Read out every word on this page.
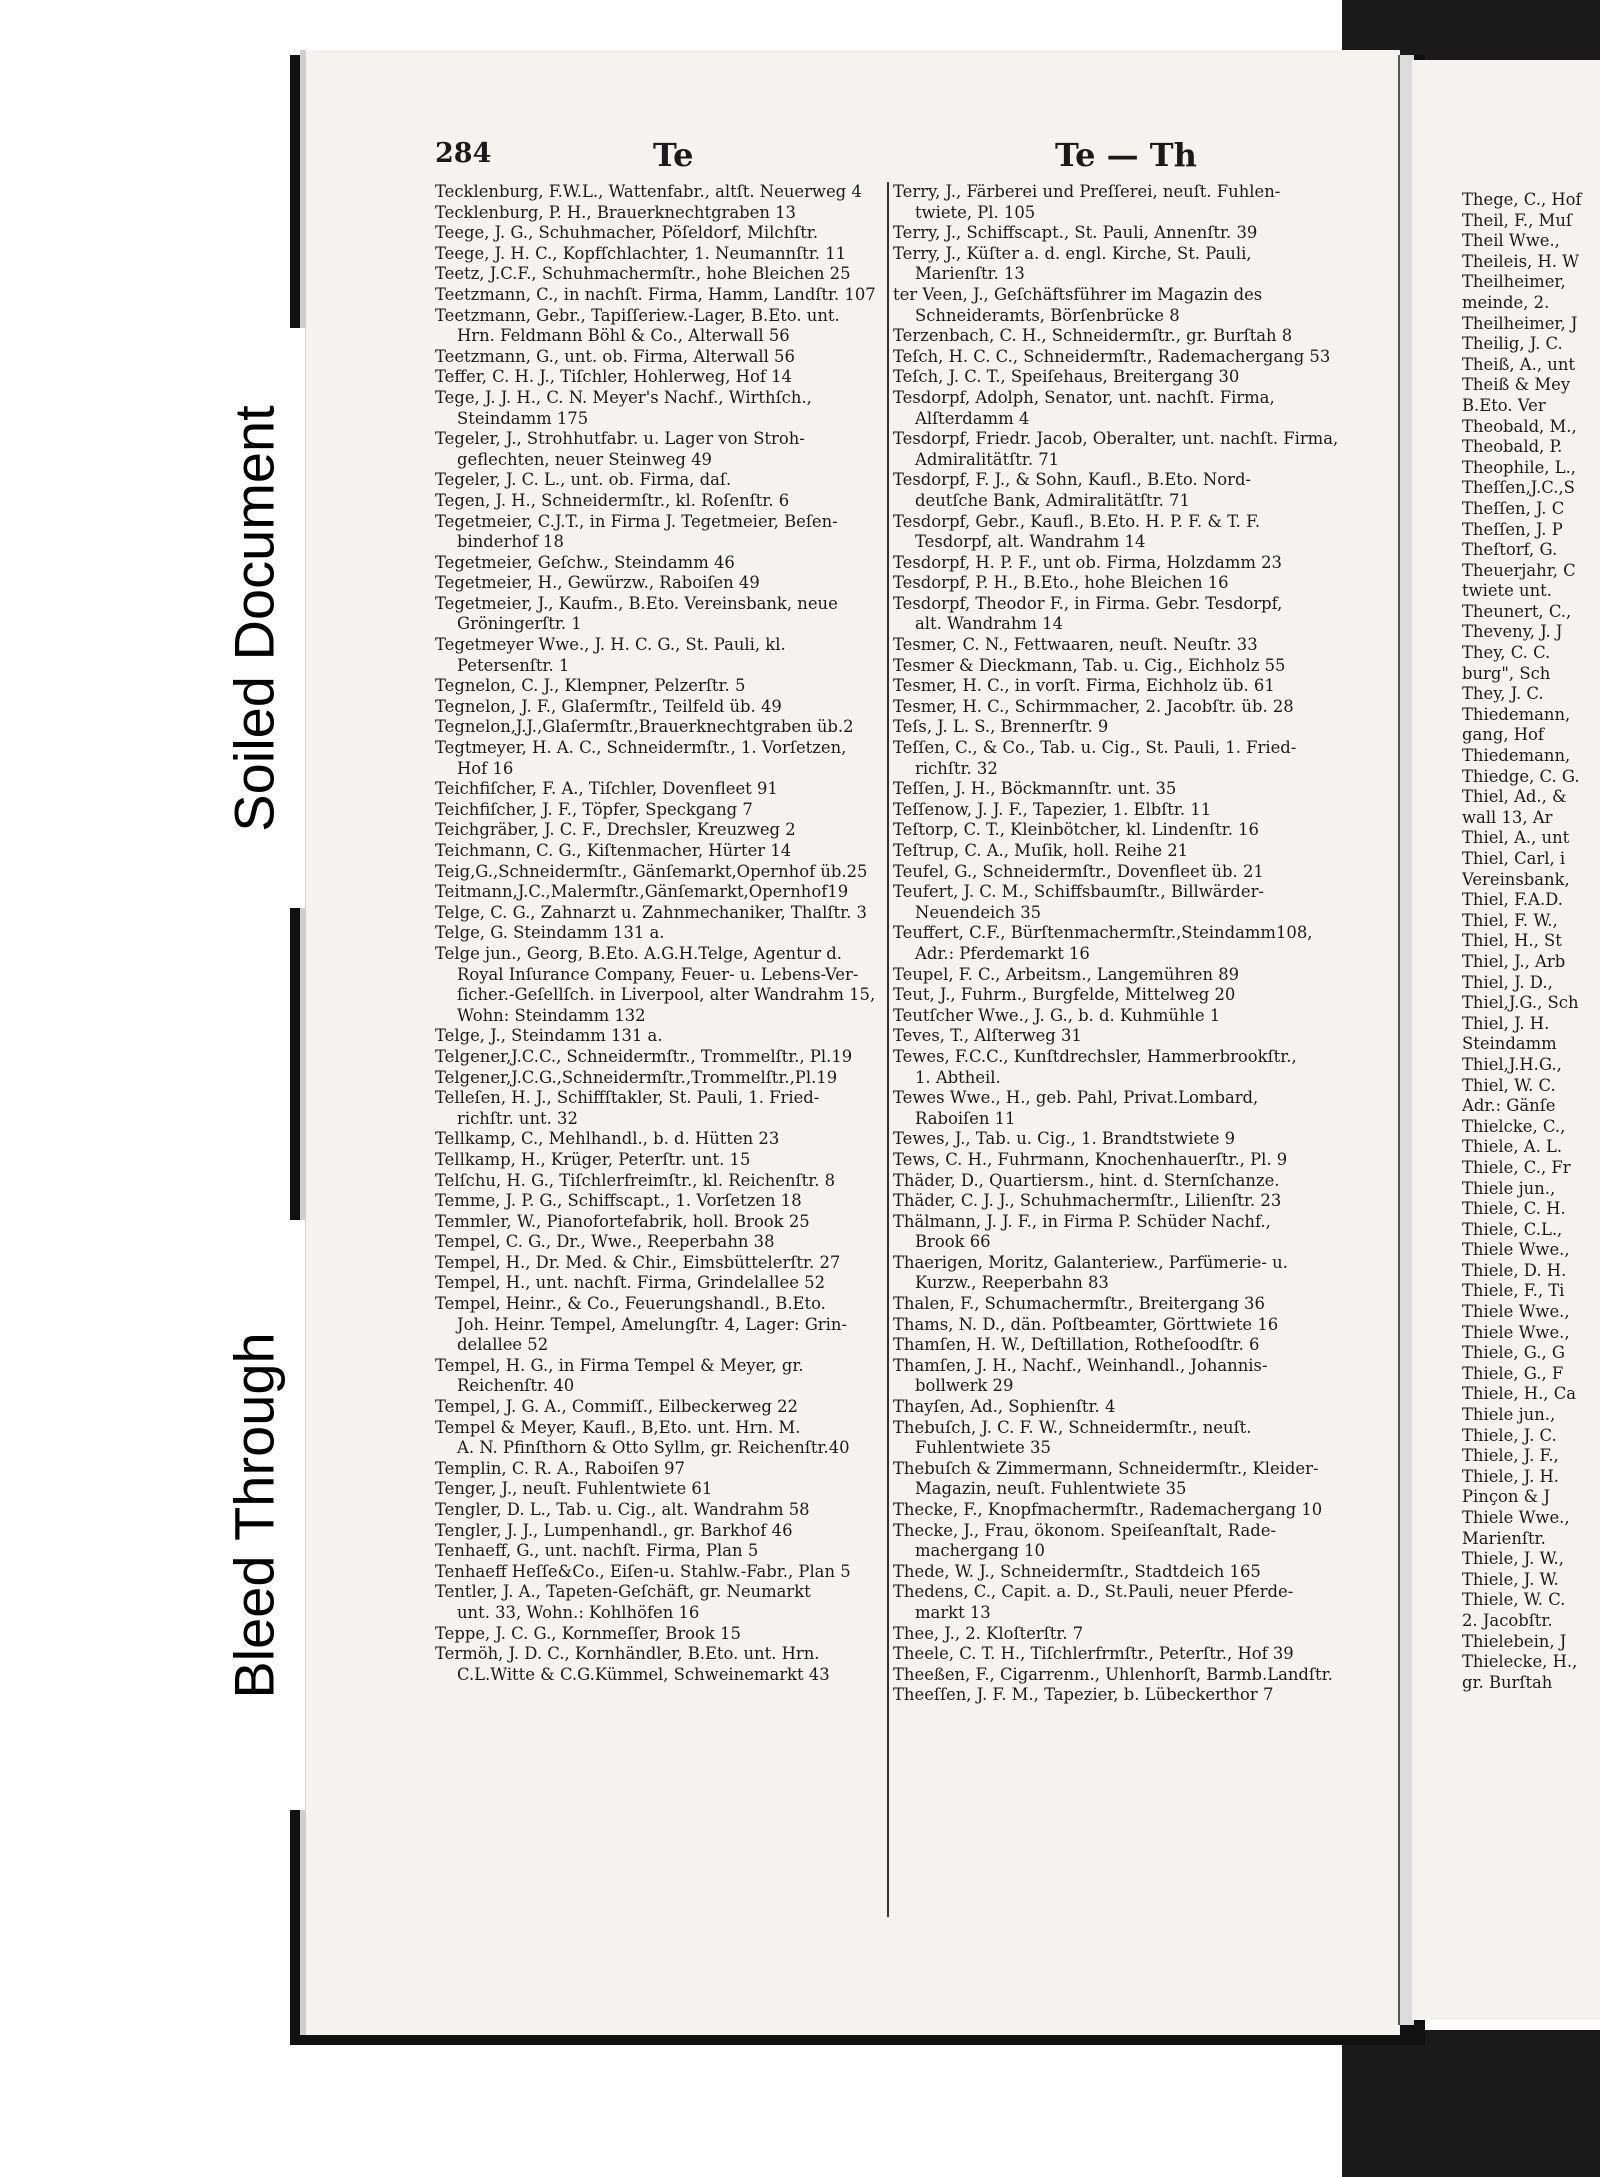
284	Te	Te — Th
Tecklenburg, F.W.L., Wattenfabr., altſt. Neuerweg 4
Tecklenburg, P. H., Brauerknechtgraben 13
Teege, J. G., Schuhmacher, Pöſeldorf, Milchſtr.
Teege, J. H. C., Kopfſchlachter, 1. Neumannſtr. 11
Teetz, J.C.F., Schuhmachermſtr., hohe Bleichen 25
Teetzmann, C., in nachſt. Firma, Hamm, Landſtr. 107
Teetzmann, Gebr., Tapiſſeriew.-Lager, B.Eto. unt.
Hrn. Feldmann Böhl & Co., Alterwall 56
Teetzmann, G., unt. ob. Firma, Alterwall 56
Teffer, C. H. J., Tiſchler, Hohlerweg, Hof 14
Tege, J. J. H., C. N. Meyer's Nachf., Wirthſch.,
Steindamm 175
Tegeler, J., Strohhutfabr. u. Lager von Stroh-
geflechten, neuer Steinweg 49
Tegeler, J. C. L., unt. ob. Firma, daſ.
Tegen, J. H., Schneidermſtr., kl. Roſenſtr. 6
Tegetmeier, C.J.T., in Firma J. Tegetmeier, Beſen-
binderhof 18
Tegetmeier, Geſchw., Steindamm 46
Tegetmeier, H., Gewürzw., Raboiſen 49
Tegetmeier, J., Kaufm., B.Eto. Vereinsbank, neue
Gröningerſtr. 1
Tegetmeyer Wwe., J. H. C. G., St. Pauli, kl.
Petersenſtr. 1
Tegnelon, C. J., Klempner, Pelzerſtr. 5
Tegnelon, J. F., Glaſermſtr., Teilfeld üb. 49
Tegnelon,J.J.,Glaſermſtr.,Brauerknechtgraben üb.2
Tegtmeyer, H. A. C., Schneidermſtr., 1. Vorſetzen,
Hof 16
Teichfiſcher, F. A., Tiſchler, Dovenfleet 91
Teichfiſcher, J. F., Töpfer, Speckgang 7
Teichgräber, J. C. F., Drechsler, Kreuzweg 2
Teichmann, C. G., Kiſtenmacher, Hürter 14
Teig,G.,Schneidermſtr., Gänſemarkt,Opernhof üb.25
Teitmann,J.C.,Malermſtr.,Gänſemarkt,Opernhof19
Telge, C. G., Zahnarzt u. Zahnmechaniker, Thalſtr. 3
Telge, G. Steindamm 131 a.
Telge jun., Georg, B.Eto. A.G.H.Telge, Agentur d.
Royal Inſurance Company, Feuer- u. Lebens-Ver-
ſicher.-Geſellſch. in Liverpool, alter Wandrahm 15,
Wohn: Steindamm 132
Telge, J., Steindamm 131 a.
Telgener,J.C.C., Schneidermſtr., Trommelſtr., Pl.19
Telgener,J.C.G.,Schneidermſtr.,Trommelſtr.,Pl.19
Telleſen, H. J., Schiffſtakler, St. Pauli, 1. Fried-
richſtr. unt. 32
Tellkamp, C., Mehlhandl., b. d. Hütten 23
Tellkamp, H., Krüger, Peterſtr. unt. 15
Telſchu, H. G., Tiſchlerfreimſtr., kl. Reichenſtr. 8
Temme, J. P. G., Schiffscapt., 1. Vorſetzen 18
Temmler, W., Pianofortefabrik, holl. Brook 25
Tempel, C. G., Dr., Wwe., Reeperbahn 38
Tempel, H., Dr. Med. & Chir., Eimsbüttelerſtr. 27
Tempel, H., unt. nachſt. Firma, Grindelallee 52
Tempel, Heinr., & Co., Feuerungshandl., B.Eto.
Joh. Heinr. Tempel, Amelungſtr. 4, Lager: Grin-
delallee 52
Tempel, H. G., in Firma Tempel & Meyer, gr.
Reichenſtr. 40
Tempel, J. G. A., Commiſſ., Eilbeckerweg 22
Tempel & Meyer, Kaufl., B,Eto. unt. Hrn. M.
A. N. Pfinſthorn & Otto Syllm, gr. Reichenſtr.40
Templin, C. R. A., Raboiſen 97
Tenger, J., neuſt. Fuhlentwiete 61
Tengler, D. L., Tab. u. Cig., alt. Wandrahm 58
Tengler, J. J., Lumpenhandl., gr. Barkhof 46
Tenhaeff, G., unt. nachſt. Firma, Plan 5
Tenhaeff Heſſe&Co., Eiſen-u. Stahlw.-Fabr., Plan 5
Tentler, J. A., Tapeten-Geſchäft, gr. Neumarkt
unt. 33, Wohn.: Kohlhöfen 16
Teppe, J. C. G., Kornmeſſer, Brook 15
Termöh, J. D. C., Kornhändler, B.Eto. unt. Hrn.
C.L.Witte & C.G.Kümmel, Schweinemarkt 43
Terry, J., Färberei und Preſſerei, neuſt. Fuhlen-
twiete, Pl. 105
Terry, J., Schiffscapt., St. Pauli, Annenſtr. 39
Terry, J., Küſter a. d. engl. Kirche, St. Pauli,
Marienſtr. 13
ter Veen, J., Geſchäftsführer im Magazin des
Schneideramts, Börſenbrücke 8
Terzenbach, C. H., Schneidermſtr., gr. Burſtah 8
Teſch, H. C. C., Schneidermſtr., Rademachergang 53
Teſch, J. C. T., Speiſehaus, Breitergang 30
Tesdorpf, Adolph, Senator, unt. nachſt. Firma,
Alſterdamm 4
Tesdorpf, Friedr. Jacob, Oberalter, unt. nachſt. Firma,
Admiralitätſtr. 71
Tesdorpf, F. J., & Sohn, Kaufl., B.Eto. Nord-
deutſche Bank, Admiralitätſtr. 71
Tesdorpf, Gebr., Kaufl., B.Eto. H. P. F. & T. F.
Tesdorpf, alt. Wandrahm 14
Tesdorpf, H. P. F., unt ob. Firma, Holzdamm 23
Tesdorpf, P. H., B.Eto., hohe Bleichen 16
Tesdorpf, Theodor F., in Firma. Gebr. Tesdorpf,
alt. Wandrahm 14
Tesmer, C. N., Fettwaaren, neuſt. Neuſtr. 33
Tesmer & Dieckmann, Tab. u. Cig., Eichholz 55
Tesmer, H. C., in vorſt. Firma, Eichholz üb. 61
Tesmer, H. C., Schirmmacher, 2. Jacobſtr. üb. 28
Teſs, J. L. S., Brennerſtr. 9
Teſſen, C., & Co., Tab. u. Cig., St. Pauli, 1. Fried-
richſtr. 32
Teſſen, J. H., Böckmannſtr. unt. 35
Teſſenow, J. J. F., Tapezier, 1. Elbſtr. 11
Teſtorp, C. T., Kleinbötcher, kl. Lindenſtr. 16
Teſtrup, C. A., Muſik, holl. Reihe 21
Teufel, G., Schneidermſtr., Dovenfleet üb. 21
Teufert, J. C. M., Schiffsbaumſtr., Billwärder-
Neuendeich 35
Teuffert, C.F., Bürſtenmachermſtr.,Steindamm108,
Adr.: Pferdemarkt 16
Teupel, F. C., Arbeitsm., Langemühren 89
Teut, J., Fuhrm., Burgfelde, Mittelweg 20
Teutſcher Wwe., J. G., b. d. Kuhmühle 1
Teves, T., Alſterweg 31
Tewes, F.C.C., Kunſtdrechsler, Hammerbrookſtr.,
1. Abtheil.
Tewes Wwe., H., geb. Pahl, Privat.Lombard,
Raboiſen 11
Tewes, J., Tab. u. Cig., 1. Brandtstwiete 9
Tews, C. H., Fuhrmann, Knochenhauerſtr., Pl. 9
Thäder, D., Quartiersm., hint. d. Sternſchanze.
Thäder, C. J. J., Schuhmachermſtr., Lilienſtr. 23
Thälmann, J. J. F., in Firma P. Schüder Nachf.,
Brook 66
Thaerigen, Moritz, Galanteriew., Parfümerie- u.
Kurzw., Reeperbahn 83
Thalen, F., Schumachermſtr., Breitergang 36
Thams, N. D., dän. Poſtbeamter, Görttwiete 16
Thamſen, H. W., Deſtillation, Rotheſoodſtr. 6
Thamſen, J. H., Nachf., Weinhandl., Johannis-
bollwerk 29
Thayſen, Ad., Sophienſtr. 4
Thebuſch, J. C. F. W., Schneidermſtr., neuſt.
Fuhlentwiete 35
Thebuſch & Zimmermann, Schneidermſtr., Kleider-
Magazin, neuſt. Fuhlentwiete 35
Thecke, F., Knopfmachermſtr., Rademachergang 10
Thecke, J., Frau, ökonom. Speiſeanſtalt, Rade-
machergang 10
Thede, W. J., Schneidermſtr., Stadtdeich 165
Thedens, C., Capit. a. D., St.Pauli, neuer Pferde-
markt 13
Thee, J., 2. Kloſterſtr. 7
Theele, C. T. H., Tiſchlerfrmſtr., Peterſtr., Hof 39
Theeßen, F., Cigarrenm., Uhlenhorſt, Barmb.Landſtr.
Theeſſen, J. F. M., Tapezier, b. Lübeckerthor 7
Thege, C., Hof
Theil, F., Muſ
Theil Wwe.,
Theileis, H. W
Theilheimer,
meinde, 2.
Theilheimer, J
Theilig, J. C.
Theiß, A., unt
Theiß & Mey
B.Eto. Ver
Theobald, M.,
Theobald, P.
Theophile, L.,
Theſſen,J.C.,S
Theſſen, J. C
Theſſen, J. P
Theſtorf, G.
Theuerjahr, C
twiete unt.
Theunert, C.,
Theveny, J. J
They, C. C.
burg", Sch
They, J. C.
Thiedemann,
gang, Hof
Thiedemann,
Thiedge, C. G.
Thiel, Ad., &
wall 13, Ar
Thiel, A., unt
Thiel, Carl, i
Vereinsbank,
Thiel, F.A.D.
Thiel, F. W.,
Thiel, H., St
Thiel, J., Arb
Thiel, J. D.,
Thiel,J.G., Sch
Thiel, J. H.
Steindamm
Thiel,J.H.G.,
Thiel, W. C.
Adr.: Gänſe
Thielcke, C.,
Thiele, A. L.
Thiele, C., Fr
Thiele jun.,
Thiele, C. H.
Thiele, C.L.,
Thiele Wwe.,
Thiele, D. H.
Thiele, F., Ti
Thiele Wwe.,
Thiele Wwe.,
Thiele, G., G
Thiele, G., F
Thiele, H., Ca
Thiele jun.,
Thiele, J. C.
Thiele, J. F.,
Thiele, J. H.
Pinçon & J
Thiele Wwe.,
Marienſtr.
Thiele, J. W.,
Thiele, J. W.
Thiele, W. C.
2. Jacobſtr.
Thielebein, J
Thielecke, H.,
gr. Burſtah
Soiled Document
Bleed Through
